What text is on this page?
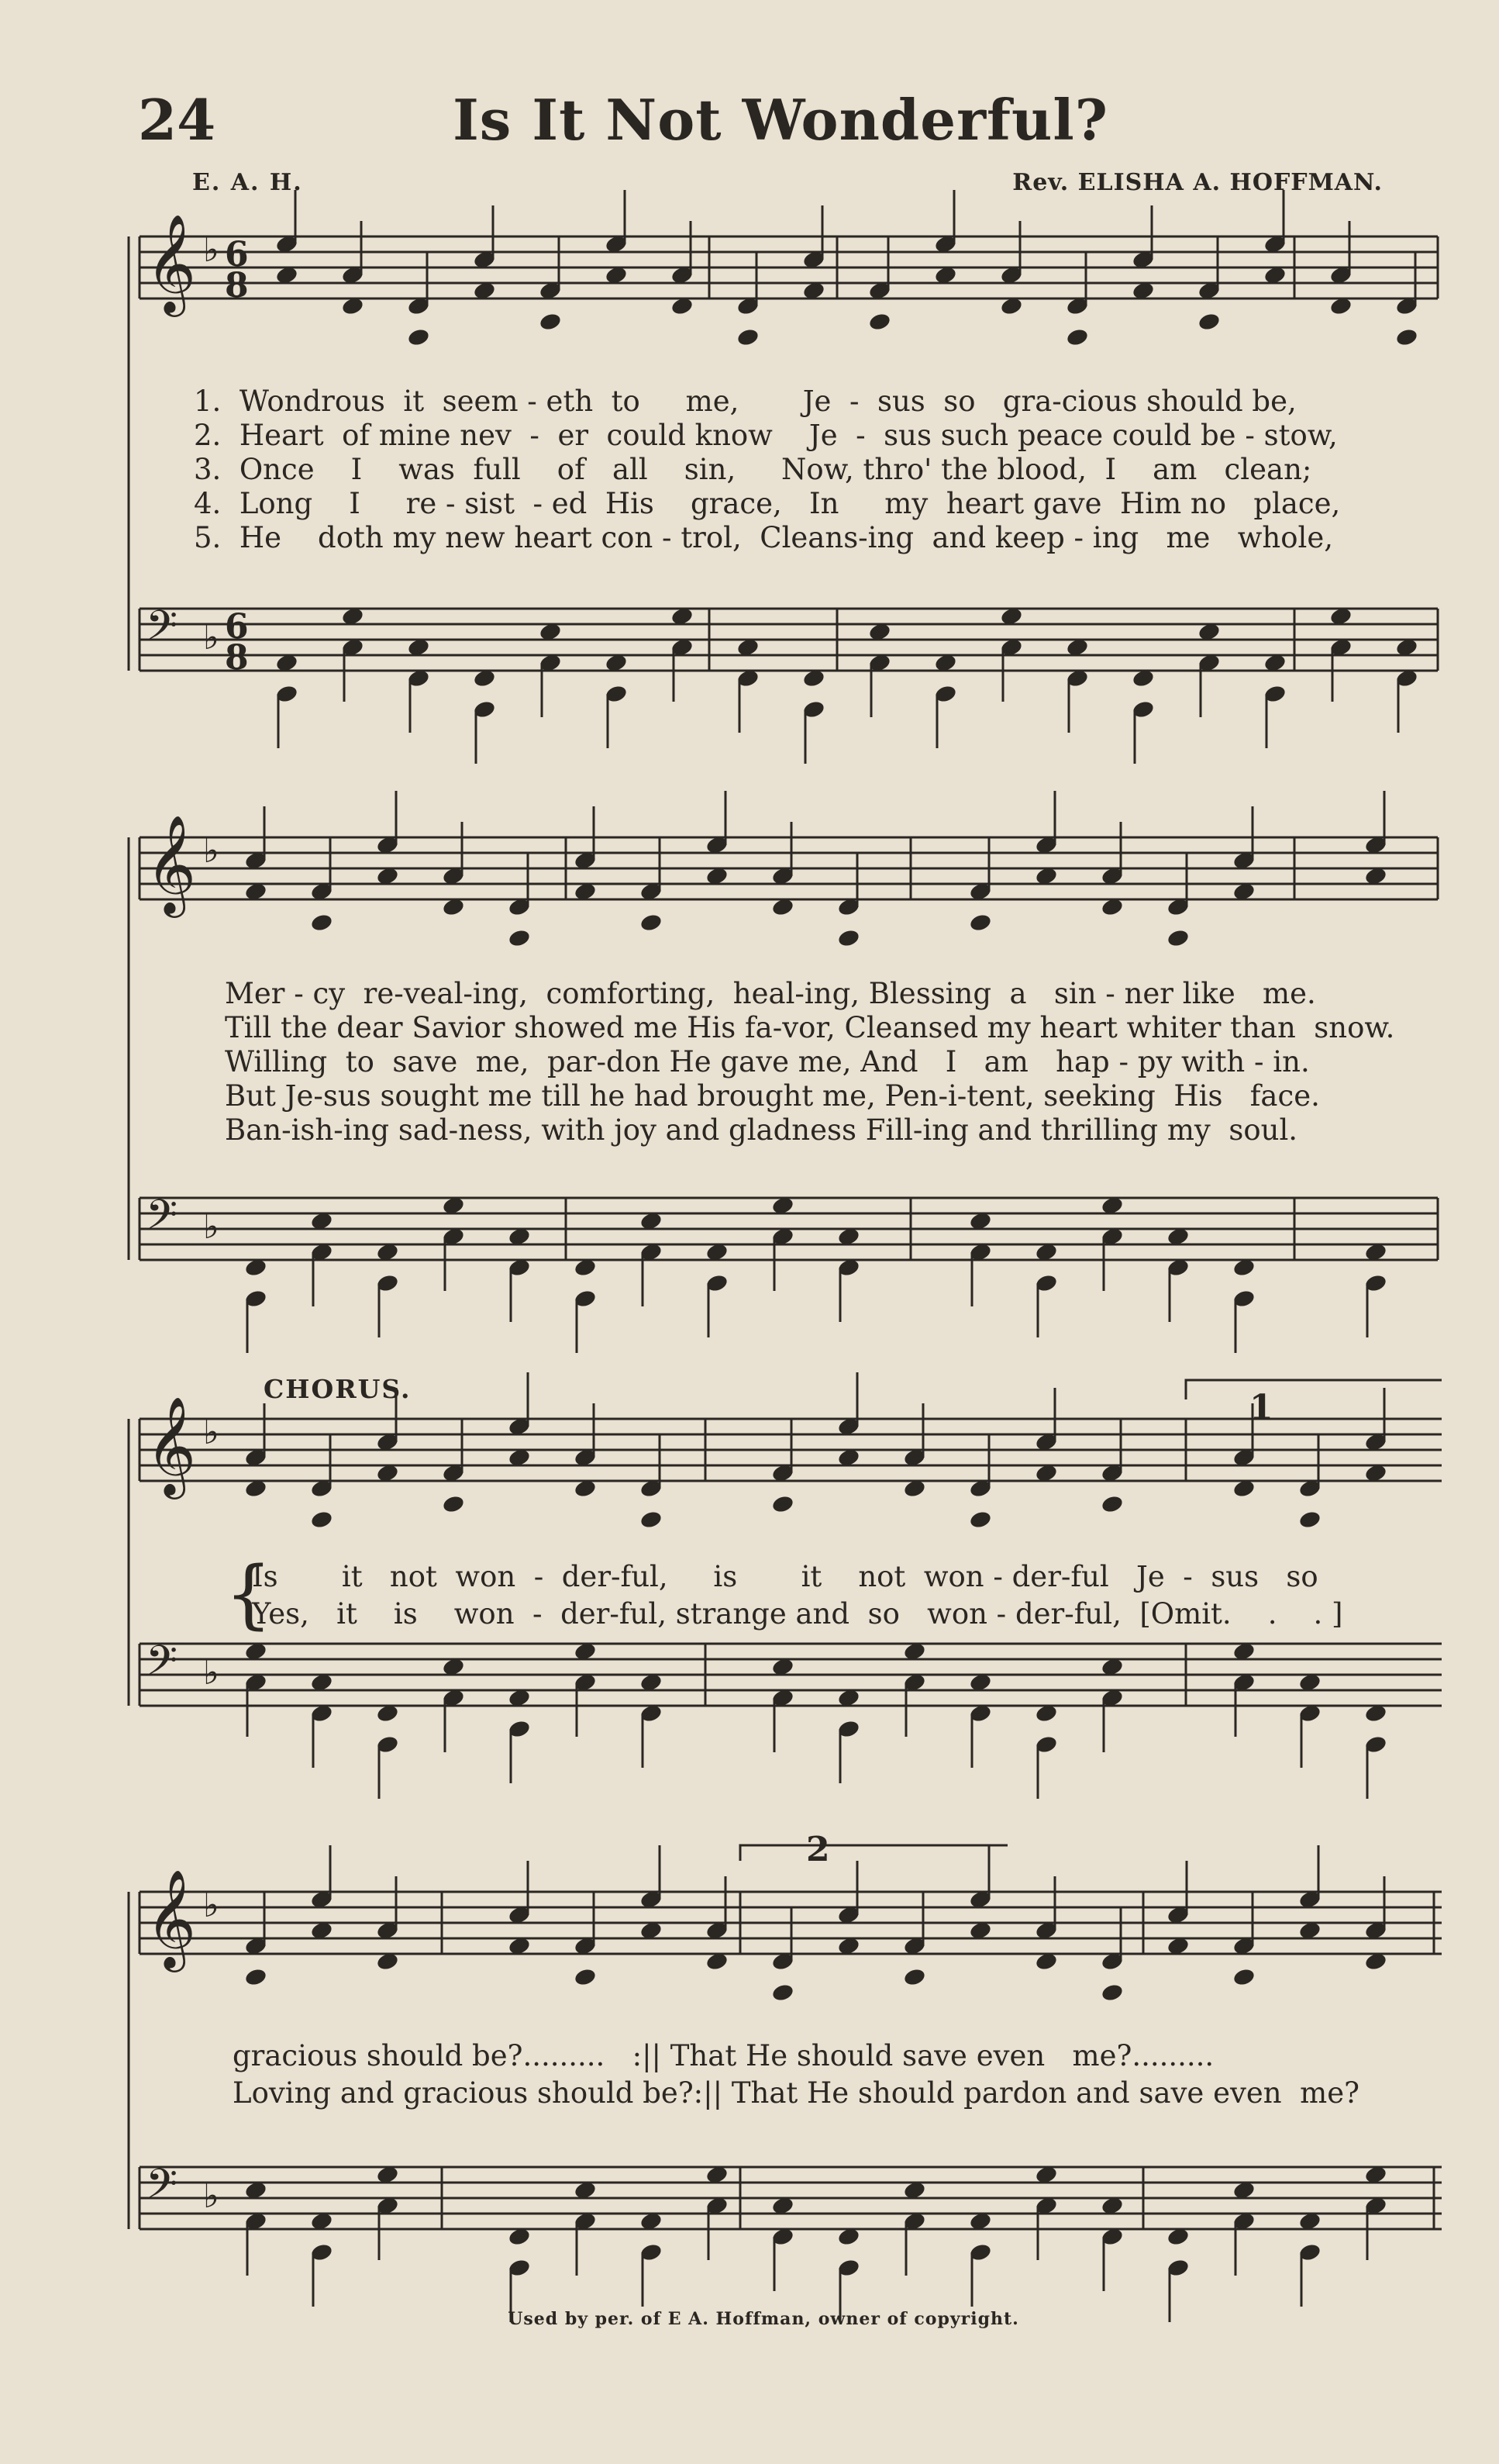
24	Is It Not Wonderful?
E. A. H.	Rev. ELISHA A. HOFFMAN.
𝄞 ♭ 6
8
𝄢 ♭ 6
8
𝄞 ♭
𝄢 ♭
𝄞 ♭
𝄢 ♭
𝄞 ♭
𝄢 ♭
1
2
1.  Wondrous  it  seem - eth  to     me,       Je  -  sus  so   gra-cious should be,
2.  Heart  of mine nev  -  er  could know    Je  -  sus such peace could be - stow,
3.  Once    I    was  full    of   all    sin,     Now, thro' the blood,  I    am   clean;
4.  Long    I     re - sist  - ed  His    grace,   In     my  heart gave  Him no   place,
5.  He    doth my new heart con - trol,  Cleans-ing  and keep - ing   me   whole,
Mer - cy  re-veal-ing,  comforting,  heal-ing, Blessing  a   sin - ner like   me.
Till the dear Savior showed me His fa-vor, Cleansed my heart whiter than  snow.
Willing  to  save  me,  par-don He gave me, And   I   am   hap - py with - in.
But Je-sus sought me till he had brought me, Pen-i-tent, seeking  His   face.
Ban-ish-ing sad-ness, with joy and gladness Fill-ing and thrilling my  soul.
CHORUS.
{
Is       it   not  won  -  der-ful,     is       it    not  won - der-ful   Je  -  sus   so
Yes,   it    is    won  -  der-ful, strange and  so   won - der-ful,  [Omit.    .    . ]
gracious should be?.........   :|| That He should save even   me?.........
Loving and gracious should be?:|| That He should pardon and save even  me?
Used by per. of E A. Hoffman, owner of copyright.
